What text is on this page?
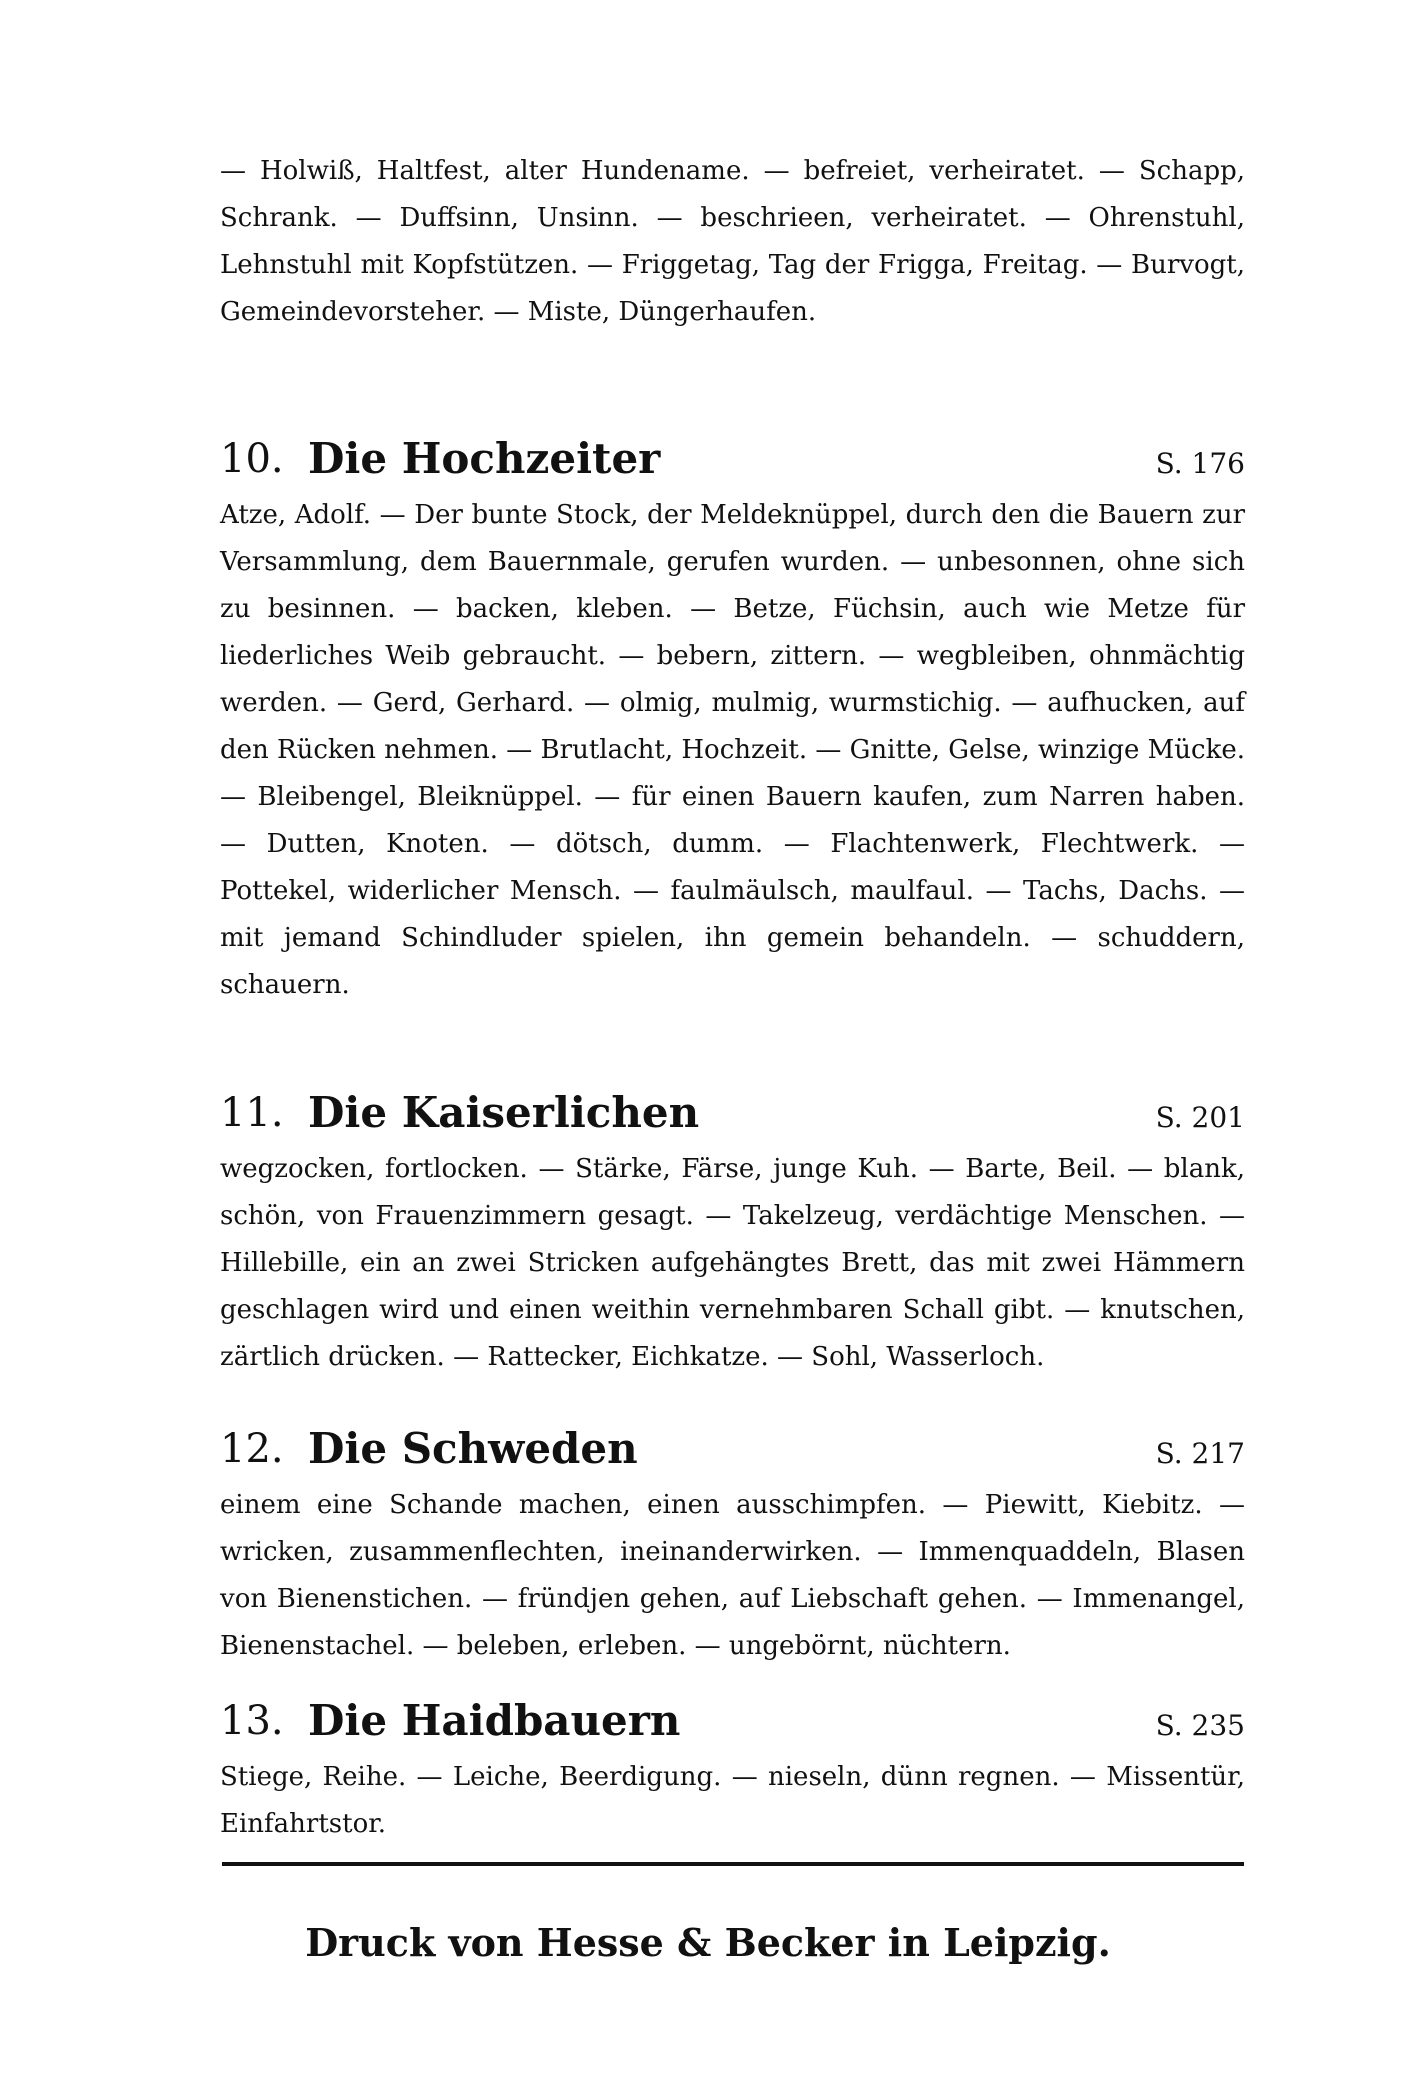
— Holwiß, Haltfest, alter Hundename. — befreiet, verheiratet. — Schapp, Schrank. — Duffsinn, Unsinn. — beschrieen, verheiratet. — Ohrenstuhl, Lehnstuhl mit Kopfstützen. — Friggetag, Tag der Frigga, Freitag. — Burvogt, Gemeindevorsteher. — Miste, Düngerhaufen.

10. Die Hochzeiter	S. 176

Atze, Adolf. — Der bunte Stock, der Meldeknüppel, durch den die Bauern zur Versammlung, dem Bauernmale, gerufen wurden. — unbesonnen, ohne sich zu besinnen. — backen, kleben. — Betze, Füchsin, auch wie Metze für liederliches Weib gebraucht. — bebern, zittern. — wegbleiben, ohnmächtig werden. — Gerd, Gerhard. — olmig, mulmig, wurmstichig. — aufhucken, auf den Rücken nehmen. — Brutlacht, Hochzeit. — Gnitte, Gelse, winzige Mücke. — Bleibengel, Bleiknüppel. — für einen Bauern kaufen, zum Narren haben. — Dutten, Knoten. — dötsch, dumm. — Flachtenwerk, Flechtwerk. — Pottekel, widerlicher Mensch. — faulmäulsch, maulfaul. — Tachs, Dachs. — mit jemand Schindluder spielen, ihn gemein behandeln. — schuddern, schauern.

11. Die Kaiserlichen	S. 201

wegzocken, fortlocken. — Stärke, Färse, junge Kuh. — Barte, Beil. — blank, schön, von Frauenzimmern gesagt. — Takelzeug, verdächtige Menschen. — Hillebille, ein an zwei Stricken aufgehängtes Brett, das mit zwei Hämmern geschlagen wird und einen weithin vernehmbaren Schall gibt. — knutschen, zärtlich drücken. — Rattecker, Eichkatze. — Sohl, Wasserloch.

12. Die Schweden	S. 217

einem eine Schande machen, einen ausschimpfen. — Piewitt, Kiebitz. — wricken, zusammenflechten, ineinanderwirken. — Immenquaddeln, Blasen von Bienenstichen. — fründjen gehen, auf Liebschaft gehen. — Immenangel, Bienenstachel. — beleben, erleben. — ungebörnt, nüchtern.

13. Die Haidbauern	S. 235

Stiege, Reihe. — Leiche, Beerdigung. — nieseln, dünn regnen. — Missentür, Einfahrtstor.

Druck von Hesse & Becker in Leipzig.
